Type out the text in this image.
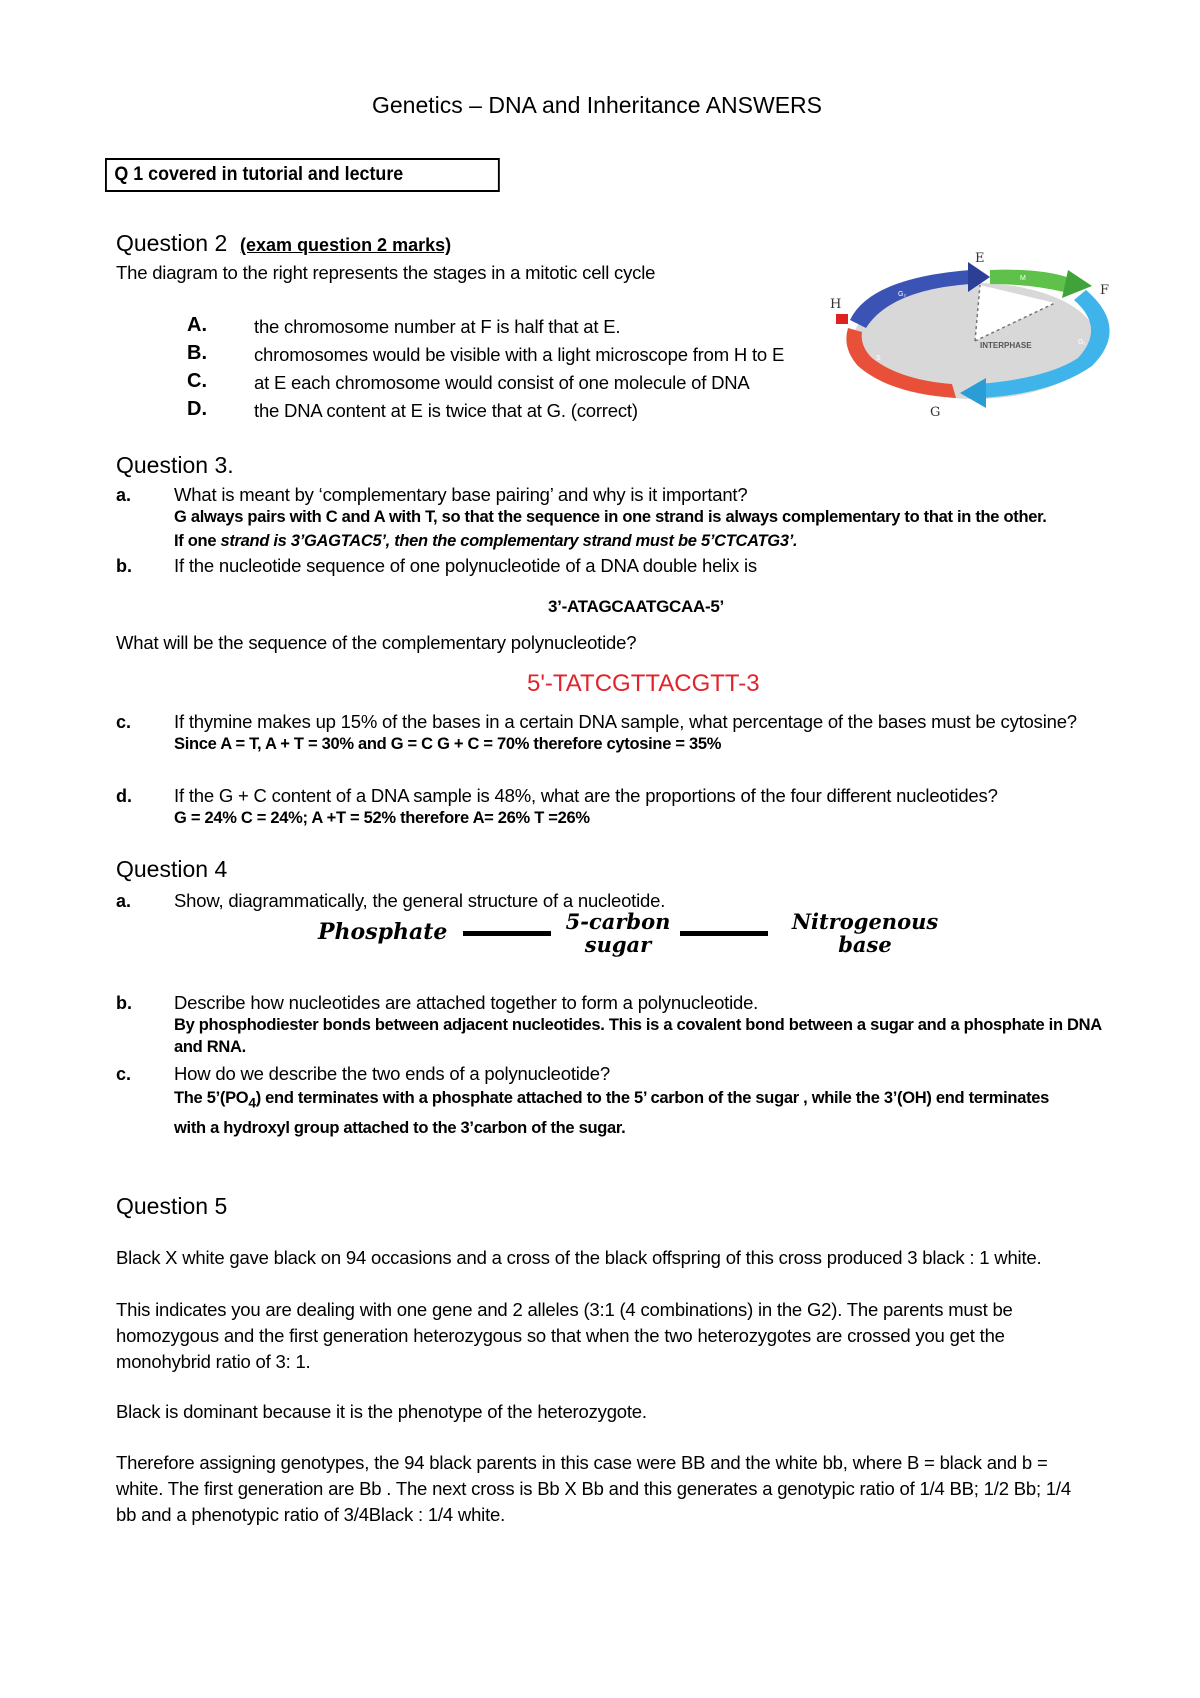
Genetics – DNA and Inheritance ANSWERS
Q 1 covered in tutorial and lecture
Question 2 (exam question 2 marks)
The diagram to the right represents the stages in a mitotic cell cycle
A.	the chromosome number at F is half that at E.
B.	chromosomes would be visible with a light microscope from H to E
C.	at E each chromosome would consist of one molecule of DNA
D.	the DNA content at E is twice that at G. (correct)
INTERPHASE
E
F
G
H
G₂
M
G₁
S
Question 3.
a. What is meant by ‘complementary base pairing’ and why is it important?
G always pairs with C and A with T, so that the sequence in one strand is always complementary to that in the other.
If one strand is 3’GAGTAC5’, then the complementary strand must be 5’CTCATG3’.
b. If the nucleotide sequence of one polynucleotide of a DNA double helix is
3’-ATAGCAATGCAA-5’
What will be the sequence of the complementary polynucleotide?
5'-TATCGTTACGTT-3
c. If thymine makes up 15% of the bases in a certain DNA sample, what percentage of the bases must be cytosine?
Since A = T, A + T = 30% and G = C G + C = 70% therefore cytosine = 35%
d. If the G + C content of a DNA sample is 48%, what are the proportions of the four different nucleotides?
G = 24% C = 24%; A +T = 52% therefore A= 26% T =26%
Question 4
a. Show, diagrammatically, the general structure of a nucleotide.
Phosphate	5-carbon
sugar
Nitrogenous
base
b. Describe how nucleotides are attached together to form a polynucleotide.
By phosphodiester bonds between adjacent nucleotides. This is a covalent bond between a sugar and a phosphate in DNA
and RNA.
c. How do we describe the two ends of a polynucleotide?
The $5’(PO_4)$ end terminates with a phosphate attached to the 5’ carbon of the sugar , while the 3’(OH) end terminates
with a hydroxyl group attached to the 3’carbon of the sugar.
Question 5
Black X white gave black on 94 occasions and a cross of the black offspring of this cross produced 3 black : 1 white.
This indicates you are dealing with one gene and 2 alleles (3:1 (4 combinations) in the G2). The parents must be
homozygous and the first generation heterozygous so that when the two heterozygotes are crossed you get the
monohybrid ratio of 3: 1.
Black is dominant because it is the phenotype of the heterozygote.
Therefore assigning genotypes, the 94 black parents in this case were BB and the white bb, where B = black and b =
white. The first generation are Bb . The next cross is Bb X Bb and this generates a genotypic ratio of 1/4 BB; 1/2 Bb; 1/4
bb and a phenotypic ratio of 3/4Black : 1/4 white.
